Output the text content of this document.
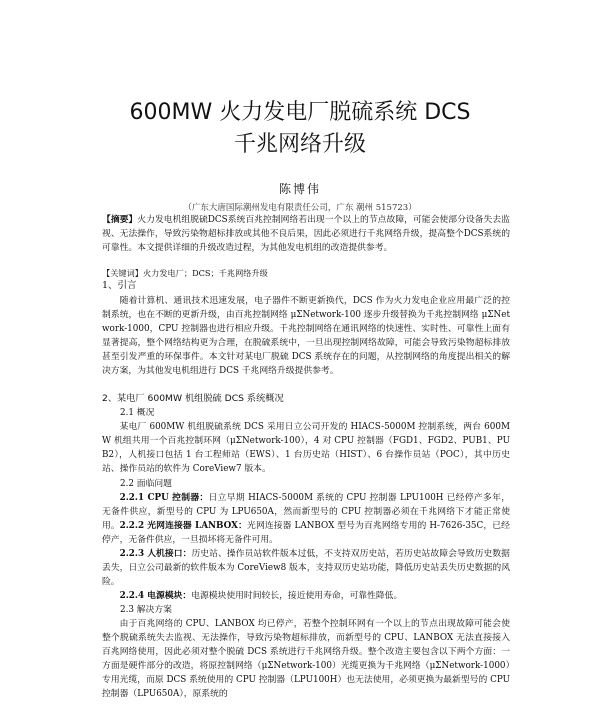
600MW 火力发电厂脱硫系统 DCS
千兆网络升级
陈博伟
（广东大唐国际潮州发电有限责任公司，广东 潮州 515723）
【摘要】火力发电机组脱硫DCS系统百兆控制网络若出现一个以上的节点故障，可能会使部分设备失去监视、无法操作，导致污染物超标排放或其他不良后果，因此必须进行千兆网络升级，提高整个DCS系统的可靠性。本文提供详细的升级改造过程，为其他发电机组的改造提供参考。
【关键词】火力发电厂；DCS；千兆网络升级
1、引言
随着计算机、通讯技术迅速发展，电子器件不断更新换代，DCS 作为火力发电企业应用最广泛的控制系统，也在不断的更新升级，由百兆控制网络 μΣNetwork-100 逐步升级替换为千兆控制网络 μΣNetwork-1000，CPU 控制器也进行相应升级。千兆控制网络在通讯网络的快速性、实时性、可靠性上面有显著提高，整个网络结构更为合理，在脱硫系统中，一旦出现控制网络故障，可能会导致污染物超标排放甚至引发严重的环保事件。本文针对某电厂脱硫 DCS 系统存在的问题，从控制网络的角度提出相关的解决方案，为其他发电机组进行 DCS 千兆网络升级提供参考。
2、某电厂 600MW 机组脱硫 DCS 系统概况
2.1 概况
某电厂 600MW 机组脱硫系统 DCS 采用日立公司开发的 HIACS-5000M 控制系统，两台 600MW 机组共用一个百兆控制环网（μΣNetwork-100），4 对 CPU 控制器（FGD1、FGD2、PUB1、PUB2），人机接口包括 1 台工程师站（EWS）、1 台历史站（HIST）、6 台操作员站（POC），其中历史站、操作员站的软件为 CoreView7 版本。
2.2 面临问题
2.2.1 CPU 控制器：日立早期 HIACS-5000M 系统的 CPU 控制器 LPU100H 已经停产多年，无备件供应，新型号的 CPU 为 LPU650A，然而新型号的 CPU 控制器必须在千兆网络下才能正常使用。 2.2.2 光网连接器 LANBOX：光网连接器 LANBOX 型号为百兆网络专用的 H-7626-35C，已经停产，无备件供应，一旦损坏将无备件可用。
2.2.3 人机接口：历史站、操作员站软件版本过低，不支持双历史站，若历史站故障会导致历史数据丢失，日立公司最新的软件版本为 CoreView8 版本，支持双历史站功能，降低历史站丢失历史数据的风险。
2.2.4 电源模块：电源模块使用时间较长，接近使用寿命，可靠性降低。
2.3 解决方案
由于百兆网络的 CPU、LANBOX 均已停产，若整个控制环网有一个以上的节点出现故障可能会使整个脱硫系统失去监视、无法操作，导致污染物超标排放，而新型号的 CPU、LANBOX 无法直接接入百兆网络使用，因此必须对整个脱硫 DCS 系统进行千兆网络升级。整个改造主要包含以下两个方面：一方面是硬件部分的改造，将原控制网络（μΣNetwork-100）光缆更换为千兆网络（μΣNetwork-1000）专用光缆，而原 DCS 系统使用的 CPU 控制器（LPU100H）也无法使用，必须更换为最新型号的 CPU 控制器（LPU650A），原系统的
